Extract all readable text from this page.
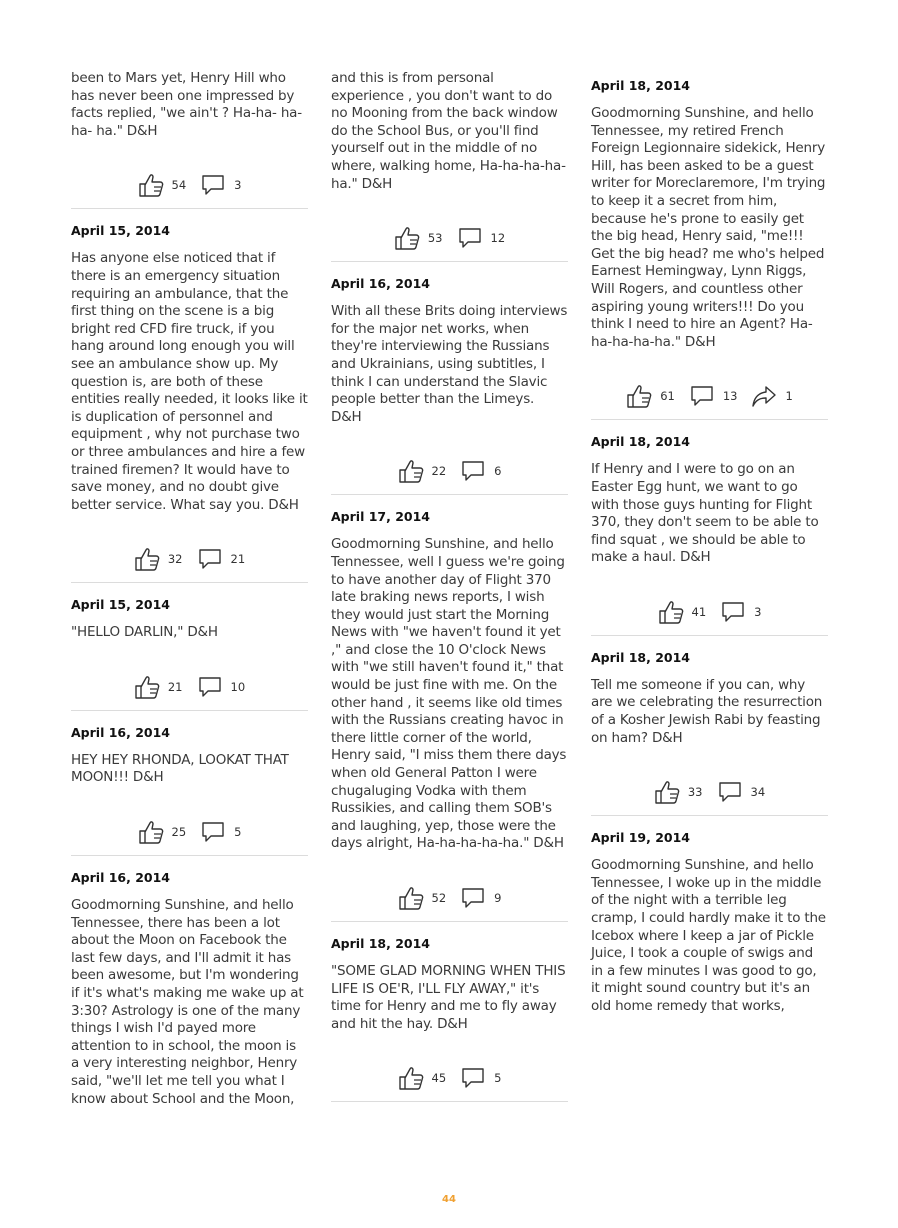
been to Mars yet, Henry Hill who has never been one impressed by facts replied, "we ain't ? Ha-ha- ha- ha- ha." D&H
54	3
April 15, 2014
Has anyone else noticed that if there is an emergency situation requiring an ambulance, that the first thing on the scene is a big bright red CFD fire truck, if you hang around long enough you will see an ambulance show up. My question is, are both of these entities really needed, it looks like it is duplication of personnel and equipment , why not purchase two or three ambulances and hire a few trained firemen? It would have to save money, and no doubt give better service. What say you. D&H
32	21
April 15, 2014
"HELLO DARLIN," D&H
21	10
April 16, 2014
HEY HEY RHONDA, LOOKAT THAT MOON!!! D&H
25	5
April 16, 2014
Goodmorning Sunshine, and hello Tennessee, there has been a lot about the Moon on Facebook the last few days, and I'll admit it has been awesome, but I'm wondering if it's what's making me wake up at 3:30? Astrology is one of the many things I wish I'd payed more attention to in school, the moon is a very interesting neighbor, Henry said, "we'll let me tell you what I know about School and the Moon,
and this is from personal experience , you don't want to do no Mooning from the back window do the School Bus, or you'll find yourself out in the middle of no where, walking home, Ha-ha-ha-ha-ha." D&H
53	12
April 16, 2014
With all these Brits doing interviews for the major net works, when they're interviewing the Russians and Ukrainians, using subtitles, I think I can understand the Slavic people better than the Limeys. D&H
22	6
April 17, 2014
Goodmorning Sunshine, and hello Tennessee, well I guess we're going to have another day of Flight 370 late braking news reports, I wish they would just start the Morning News with "we haven't found it yet ," and close the 10 O'clock News with "we still haven't found it," that would be just fine with me. On the other hand , it seems like old times with the Russians creating havoc in there little corner of the world, Henry said, "I miss them there days when old General Patton I were chugaluging Vodka with them Russikies, and calling them SOB's and laughing, yep, those were the days alright, Ha-ha-ha-ha-ha." D&H
52	9
April 18, 2014
"SOME GLAD MORNING WHEN THIS LIFE IS OE'R, I'LL FLY AWAY," it's time for Henry and me to fly away and hit the hay. D&H
45	5
April 18, 2014
Goodmorning Sunshine, and hello Tennessee, my retired French Foreign Legionnaire sidekick, Henry Hill, has been asked to be a guest writer for Moreclaremore, I'm trying to keep it a secret from him, because he's prone to easily get the big head, Henry said, "me!!! Get the big head? me who's helped Earnest Hemingway, Lynn Riggs, Will Rogers, and countless other aspiring young writers!!! Do you think I need to hire an Agent? Ha-ha-ha-ha-ha." D&H
61	13	1
April 18, 2014
If Henry and I were to go on an Easter Egg hunt, we want to go with those guys hunting for Flight 370, they don't seem to be able to find squat , we should be able to make a haul. D&H
41	3
April 18, 2014
Tell me someone if you can, why are we celebrating the resurrection of a Kosher Jewish Rabi by feasting on ham? D&H
33	34
April 19, 2014
Goodmorning Sunshine, and hello Tennessee, I woke up in the middle of the night with a terrible leg cramp, I could hardly make it to the Icebox where I keep a jar of Pickle Juice, I took a couple of swigs and in a few minutes I was good to go, it might sound country but it's an old home remedy that works,
44
